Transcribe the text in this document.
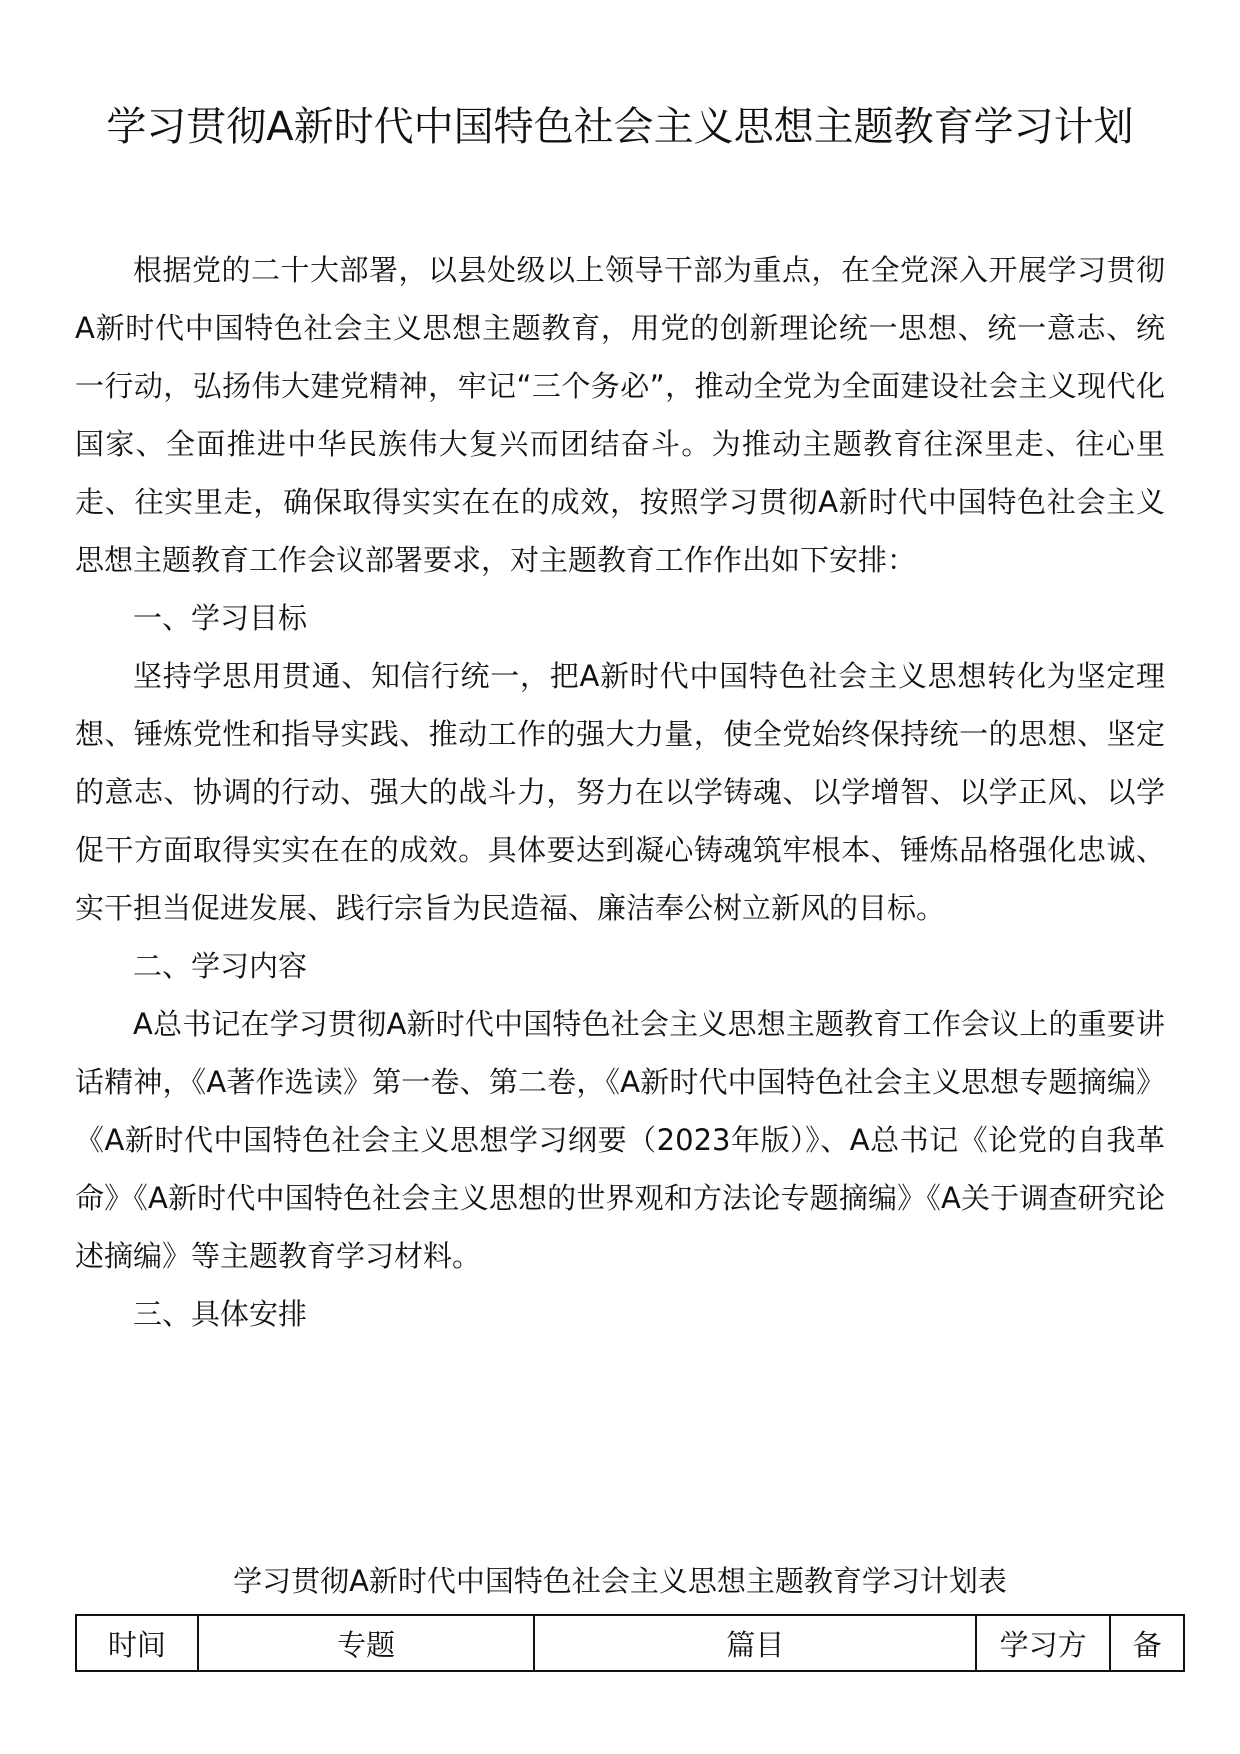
学习贯彻A新时代中国特色社会主义思想主题教育学习计划

根据党的二十大部署，以县处级以上领导干部为重点，在全党深入开展学习贯彻A新时代中国特色社会主义思想主题教育，用党的创新理论统一思想、统一意志、统一行动，弘扬伟大建党精神，牢记“三个务必”，推动全党为全面建设社会主义现代化国家、全面推进中华民族伟大复兴而团结奋斗。为推动主题教育往深里走、往心里走、往实里走，确保取得实实在在的成效，按照学习贯彻A新时代中国特色社会主义思想主题教育工作会议部署要求，对主题教育工作作出如下安排：

一、学习目标

坚持学思用贯通、知信行统一，把A新时代中国特色社会主义思想转化为坚定理想、锤炼党性和指导实践、推动工作的强大力量，使全党始终保持统一的思想、坚定的意志、协调的行动、强大的战斗力，努力在以学铸魂、以学增智、以学正风、以学促干方面取得实实在在的成效。具体要达到凝心铸魂筑牢根本、锤炼品格强化忠诚、实干担当促进发展、践行宗旨为民造福、廉洁奉公树立新风的目标。

二、学习内容

A总书记在学习贯彻A新时代中国特色社会主义思想主题教育工作会议上的重要讲话精神，《A著作选读》第一卷、第二卷，《A新时代中国特色社会主义思想专题摘编》《A新时代中国特色社会主义思想学习纲要（2023年版）》、A总书记《论党的自我革命》《A新时代中国特色社会主义思想的世界观和方法论专题摘编》《A关于调查研究论述摘编》等主题教育学习材料。

三、具体安排

学习贯彻A新时代中国特色社会主义思想主题教育学习计划表
时间	专题	篇目	学习方	备
